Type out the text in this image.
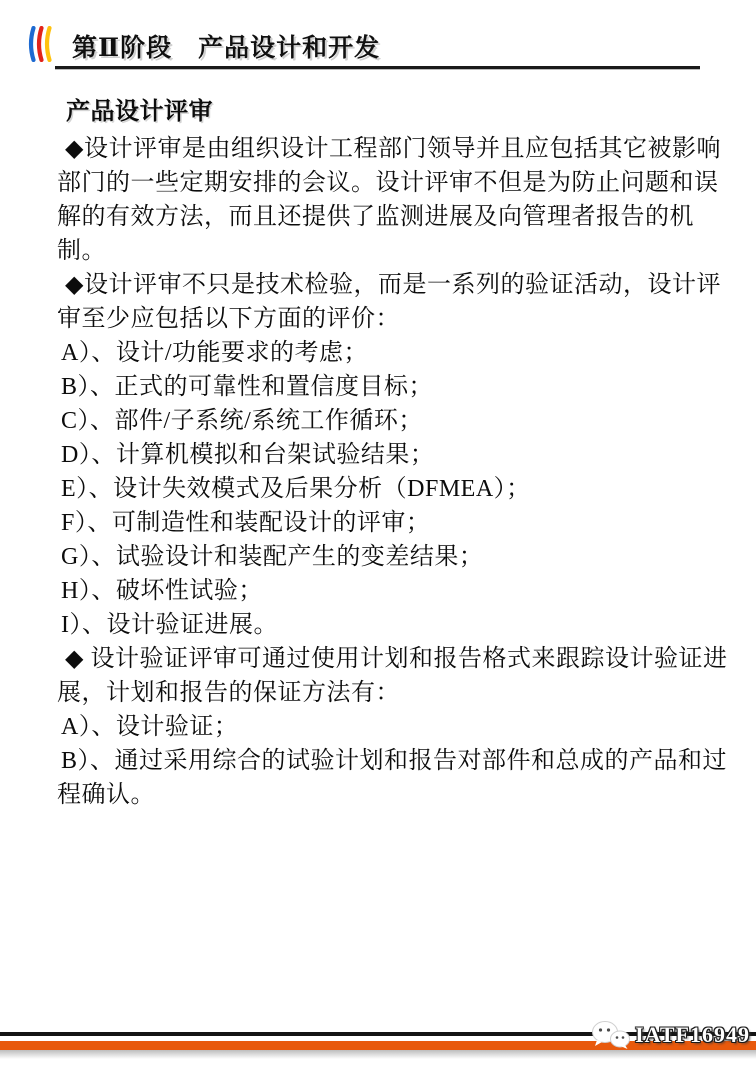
第Ⅱ阶段　产品设计和开发
产品设计评审

◆设计评审是由组织设计工程部门领导并且应包括其它被影响部门的一些定期安排的会议。设计评审不但是为防止问题和误解的有效方法，而且还提供了监测进展及向管理者报告的机制。

◆设计评审不只是技术检验，而是一系列的验证活动，设计评审至少应包括以下方面的评价：

A）、设计/功能要求的考虑；

B）、正式的可靠性和置信度目标；

C）、部件/子系统/系统工作循环；

D）、计算机模拟和台架试验结果；

E）、设计失效模式及后果分析（DFMEA）；

F）、可制造性和装配设计的评审；

G）、试验设计和装配产生的变差结果；

H）、破坏性试验；

I）、设计验证进展。

◆ 设计验证评审可通过使用计划和报告格式来跟踪设计验证进展，计划和报告的保证方法有：

A）、设计验证；

B）、通过采用综合的试验计划和报告对部件和总成的产品和过程确认。

IATF16949
